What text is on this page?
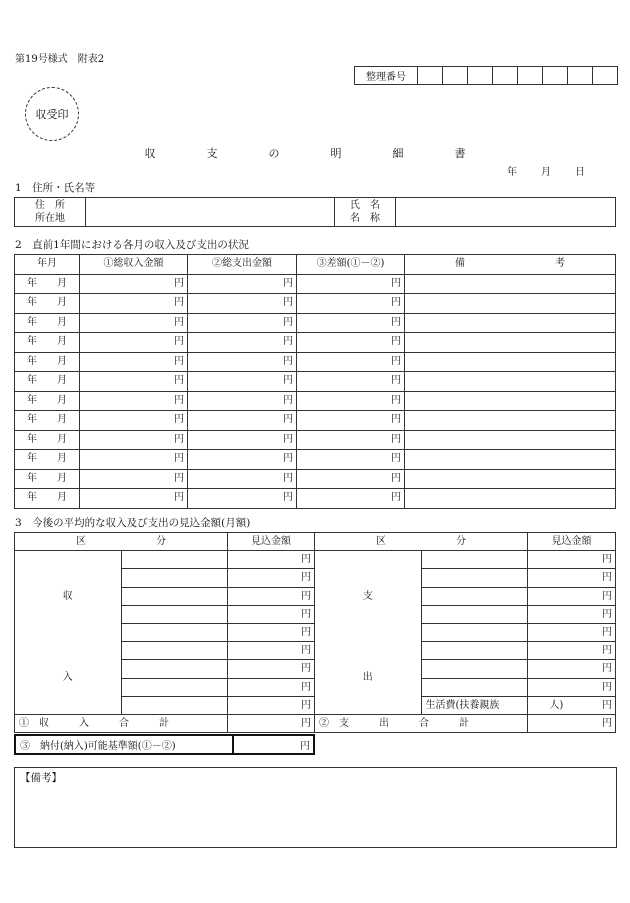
第19号様式　附表2
整理番号								
収受印
収　支　の　明　細　書
年 月 日
1　住所・氏名等
住　所
所在地

氏　名
名　称

2　直前1年間における各月の収入及び支出の状況
年月	①総収入金額	②総支出金額	③差額(①－②)	備　　　　　　　　　考
年　　月	円	円	円	
年　　月	円	円	円	
年　　月	円	円	円	
年　　月	円	円	円	
年　　月	円	円	円	
年　　月	円	円	円	
年　　月	円	円	円	
年　　月	円	円	円	
年　　月	円	円	円	
年　　月	円	円	円	
年　　月	円	円	円	
年　　月	円	円	円	
3　今後の平均的な収入及び支出の見込金額(月額)
区　　　　　　　分		見込金額	区　　　　　　　分		見込金額
収		円	支		円
		円			円
		円			円
		円			円
		円			円
入		円	出		円
		円			円
		円			円
		円		生活費(扶養親族　　　　　人)	円
①　収　　　入　　　合　　　計		円	②　支　　　出　　　合　　　計		円
③　納付(納入)可能基準額(①－②)	円
【備考】
